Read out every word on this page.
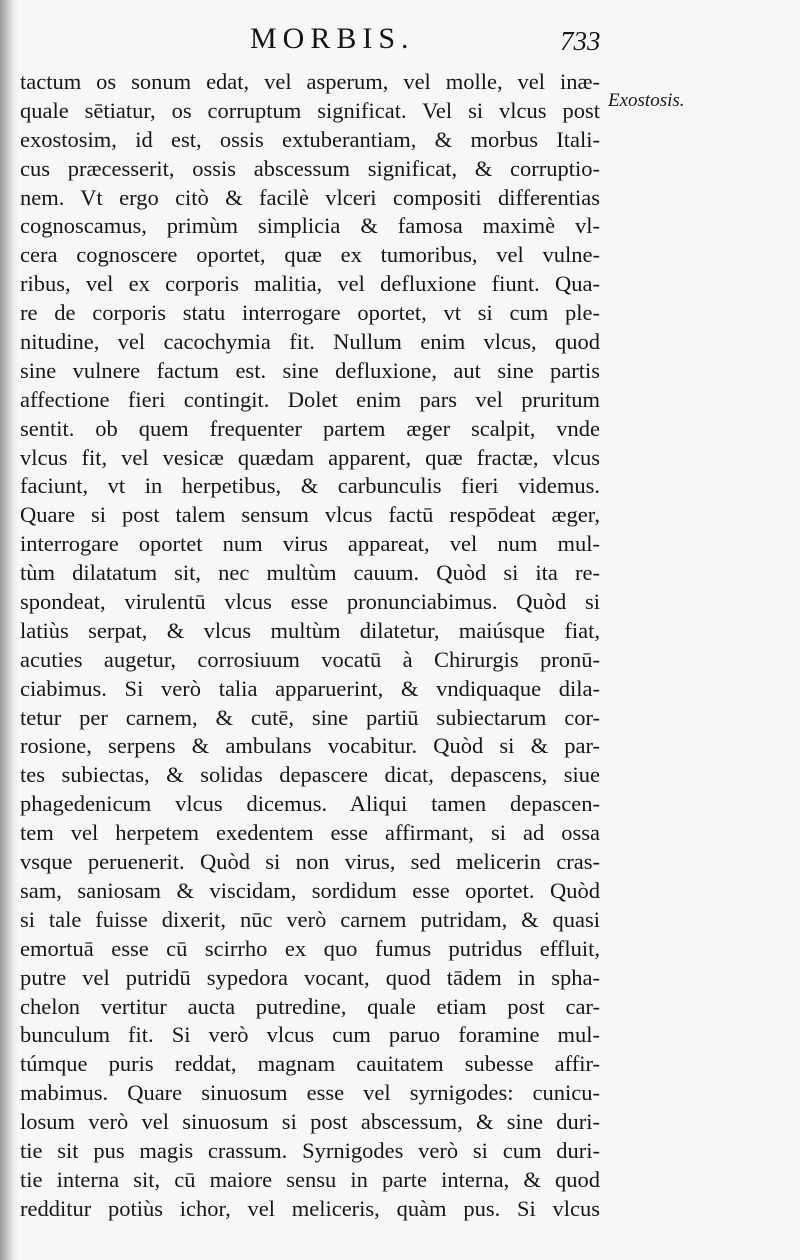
MORBIS.	733
Exostosis.
tactum os sonum edat, vel asperum, vel molle, vel inæ-
quale sētiatur, os corruptum significat. Vel si vlcus post
exostosim, id est, ossis extuberantiam, & morbus Itali-
cus præcesserit, ossis abscessum significat, & corruptio-
nem. Vt ergo citò & facilè vlceri compositi differentias
cognoscamus, primùm simplicia & famosa maximè vl-
cera cognoscere oportet, quæ ex tumoribus, vel vulne-
ribus, vel ex corporis malitia, vel defluxione fiunt. Qua-
re de corporis statu interrogare oportet, vt si cum ple-
nitudine, vel cacochymia fit. Nullum enim vlcus, quod
sine vulnere factum est. sine defluxione, aut sine partis
affectione fieri contingit. Dolet enim pars vel pruritum
sentit. ob quem frequenter partem æger scalpit, vnde
vlcus fit, vel vesicæ quædam apparent, quæ fractæ, vlcus
faciunt, vt in herpetibus, & carbunculis fieri videmus.
Quare si post talem sensum vlcus factū respōdeat æger,
interrogare oportet num virus appareat, vel num mul-
tùm dilatatum sit, nec multùm cauum. Quòd si ita re-
spondeat, virulentū vlcus esse pronunciabimus. Quòd si
latiùs serpat, & vlcus multùm dilatetur, maiúsque fiat,
acuties augetur, corrosiuum vocatū à Chirurgis pronū-
ciabimus. Si verò talia apparuerint, & vndiquaque dila-
tetur per carnem, & cutē, sine partiū subiectarum cor-
rosione, serpens & ambulans vocabitur. Quòd si & par-
tes subiectas, & solidas depascere dicat, depascens, siue
phagedenicum vlcus dicemus. Aliqui tamen depascen-
tem vel herpetem exedentem esse affirmant, si ad ossa
vsque peruenerit. Quòd si non virus, sed melicerin cras-
sam, saniosam & viscidam, sordidum esse oportet. Quòd
si tale fuisse dixerit, nūc verò carnem putridam, & quasi
emortuā esse cū scirrho ex quo fumus putridus effluit,
putre vel putridū sypedora vocant, quod tādem in spha-
chelon vertitur aucta putredine, quale etiam post car-
bunculum fit. Si verò vlcus cum paruo foramine mul-
túmque puris reddat, magnam cauitatem subesse affir-
mabimus. Quare sinuosum esse vel syrnigodes: cunicu-
losum verò vel sinuosum si post abscessum, & sine duri-
tie sit pus magis crassum. Syrnigodes verò si cum duri-
tie interna sit, cū maiore sensu in parte interna, & quod
redditur potiùs ichor, vel meliceris, quàm pus. Si vlcus
